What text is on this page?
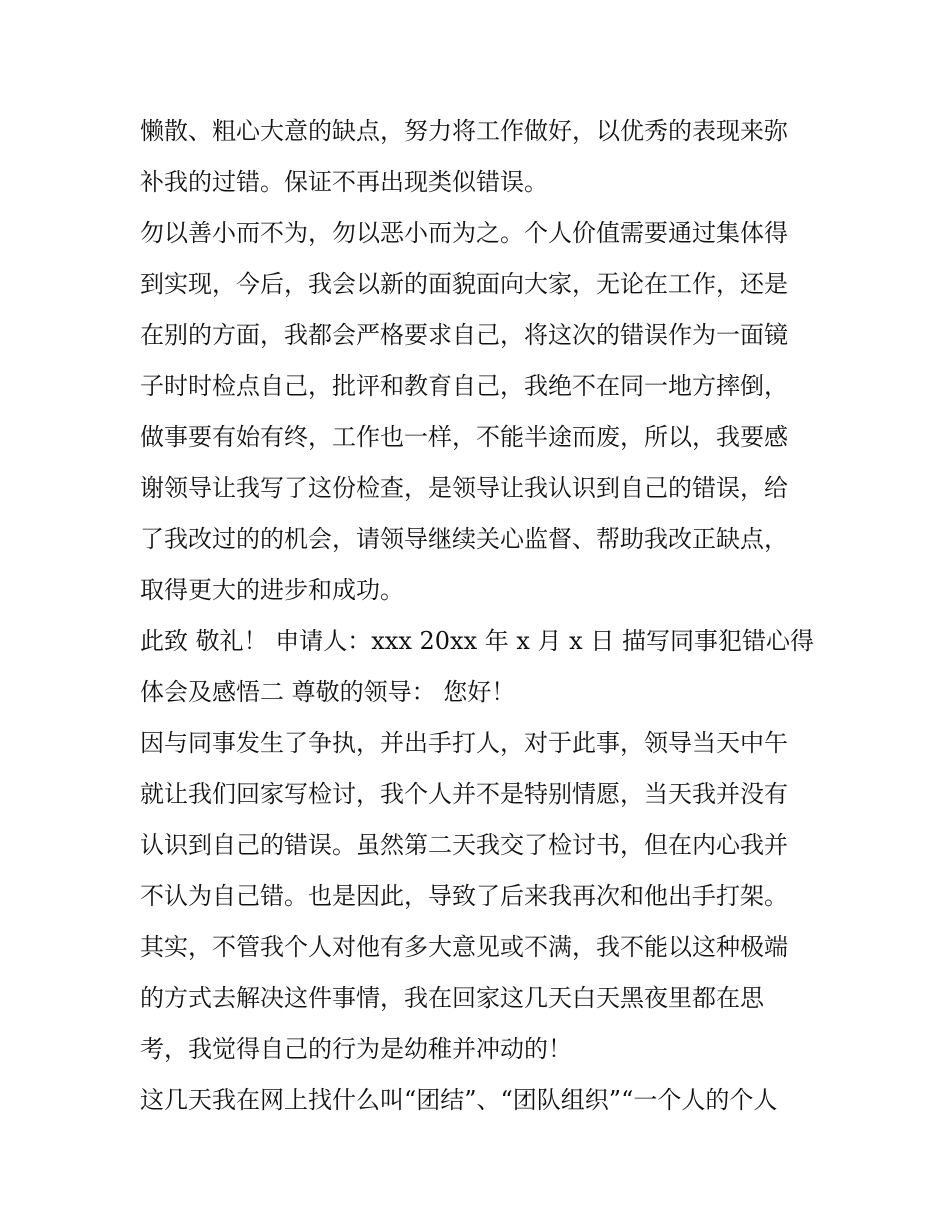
懒散、粗心大意的缺点，努力将工作做好，以优秀的表现来弥
补我的过错。保证不再出现类似错误。
勿以善小而不为，勿以恶小而为之。个人价值需要通过集体得
到实现，今后，我会以新的面貌面向大家，无论在工作，还是
在别的方面，我都会严格要求自己，将这次的错误作为一面镜
子时时检点自己，批评和教育自己，我绝不在同一地方摔倒，
做事要有始有终，工作也一样，不能半途而废，所以，我要感
谢领导让我写了这份检查，是领导让我认识到自己的错误，给
了我改过的的机会，请领导继续关心监督、帮助我改正缺点，
取得更大的进步和成功。
此致 敬礼！ 申请人：xxx 20xx 年 x 月 x 日 描写同事犯错心得
体会及感悟二 尊敬的领导： 您好！
因与同事发生了争执，并出手打人，对于此事，领导当天中午
就让我们回家写检讨，我个人并不是特别情愿，当天我并没有
认识到自己的错误。虽然第二天我交了检讨书，但在内心我并
不认为自己错。也是因此，导致了后来我再次和他出手打架。
其实，不管我个人对他有多大意见或不满，我不能以这种极端
的方式去解决这件事情，我在回家这几天白天黑夜里都在思
考，我觉得自己的行为是幼稚并冲动的！
这几天我在网上找什么叫“团结”、“团队组织”“一个人的个人
